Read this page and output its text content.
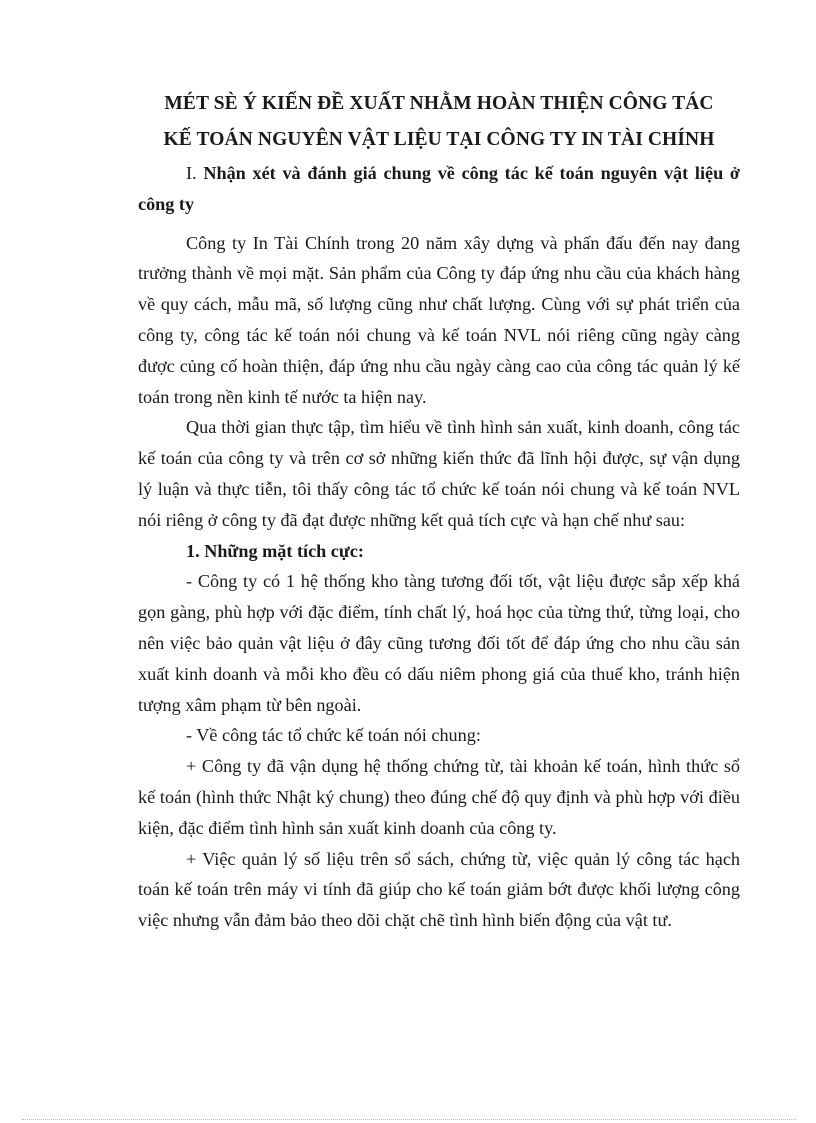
MÉT SÈ Ý KIẾN ĐỀ XUẤT NHẰM HOÀN THIỆN CÔNG TÁC
KẾ TOÁN NGUYÊN VẬT LIỆU TẠI CÔNG TY IN TÀI CHÍNH

I. Nhận xét và đánh giá chung về công tác kế toán nguyên vật liệu ở công ty

Công ty In Tài Chính trong 20 năm xây dựng và phấn đấu đến nay đang trưởng thành về mọi mặt. Sản phẩm của Công ty đáp ứng nhu cầu của khách hàng về quy cách, mẫu mã, số lượng cũng như chất lượng. Cùng với sự phát triển của công ty, công tác kế toán nói chung và kế toán NVL nói riêng cũng ngày càng được củng cố hoàn thiện, đáp ứng nhu cầu ngày càng cao của công tác quản lý kế toán trong nền kinh tế nước ta hiện nay.

Qua thời gian thực tập, tìm hiểu về tình hình sản xuất, kinh doanh, công tác kế toán của công ty và trên cơ sở những kiến thức đã lĩnh hội được, sự vận dụng lý luận và thực tiễn, tôi thấy công tác tổ chức kế toán nói chung và kế toán NVL nói riêng ở công ty đã đạt được những kết quả tích cực và hạn chế như sau:

1. Những mặt tích cực:

- Công ty có 1 hệ thống kho tàng tương đối tốt, vật liệu được sắp xếp khá gọn gàng, phù hợp với đặc điểm, tính chất lý, hoá học của từng thứ, từng loại, cho nên việc bảo quản vật liệu ở đây cũng tương đối tốt để đáp ứng cho nhu cầu sản xuất kinh doanh và mỗi kho đều có dấu niêm phong giá của thuế kho, tránh hiện tượng xâm phạm từ bên ngoài.

- Về công tác tổ chức kế toán nói chung:

+ Công ty đã vận dụng hệ thống chứng từ, tài khoản kế toán, hình thức sổ kế toán (hình thức Nhật ký chung) theo đúng chế độ quy định và phù hợp với điều kiện, đặc điểm tình hình sản xuất kinh doanh của công ty.

+ Việc quản lý số liệu trên sổ sách, chứng từ, việc quản lý công tác hạch toán kế toán trên máy vi tính đã giúp cho kế toán giảm bớt được khối lượng công việc nhưng vẫn đảm bảo theo dõi chặt chẽ tình hình biến động của vật tư.
